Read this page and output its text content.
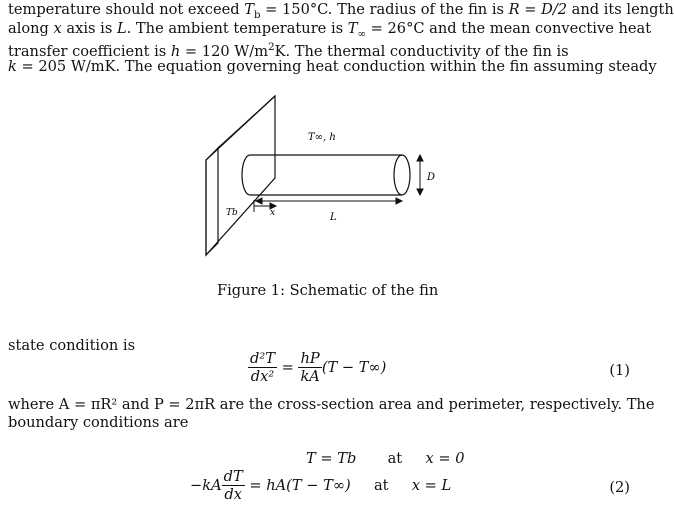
temperature should not exceed $T_b = 150^\circ C$. The radius of the fin is R = D/2 and its length
along x axis is L. The ambient temperature is $T_\infty = 26^\circ C$ and the mean convective heat
transfer coefficient is h = 120 $W/m^2K$. The thermal conductivity of the fin is
k = 205 W/mK. The equation governing heat conduction within the fin assuming steady
T∞, h
D
Tb	x	L
Figure 1: Schematic of the fin
state condition is
$\frac{\text{d²T}}{\text{dx²}} = \frac{hP}{kA} (T - T\infty)$	(1)
where A = πR² and P = 2πR are the cross-section area and perimeter, respectively. The
boundary conditions are
T = Tb at x = 0
$-kA \frac{dT}{dx} = hA(T - T\infty)$ at x = L	(2)
